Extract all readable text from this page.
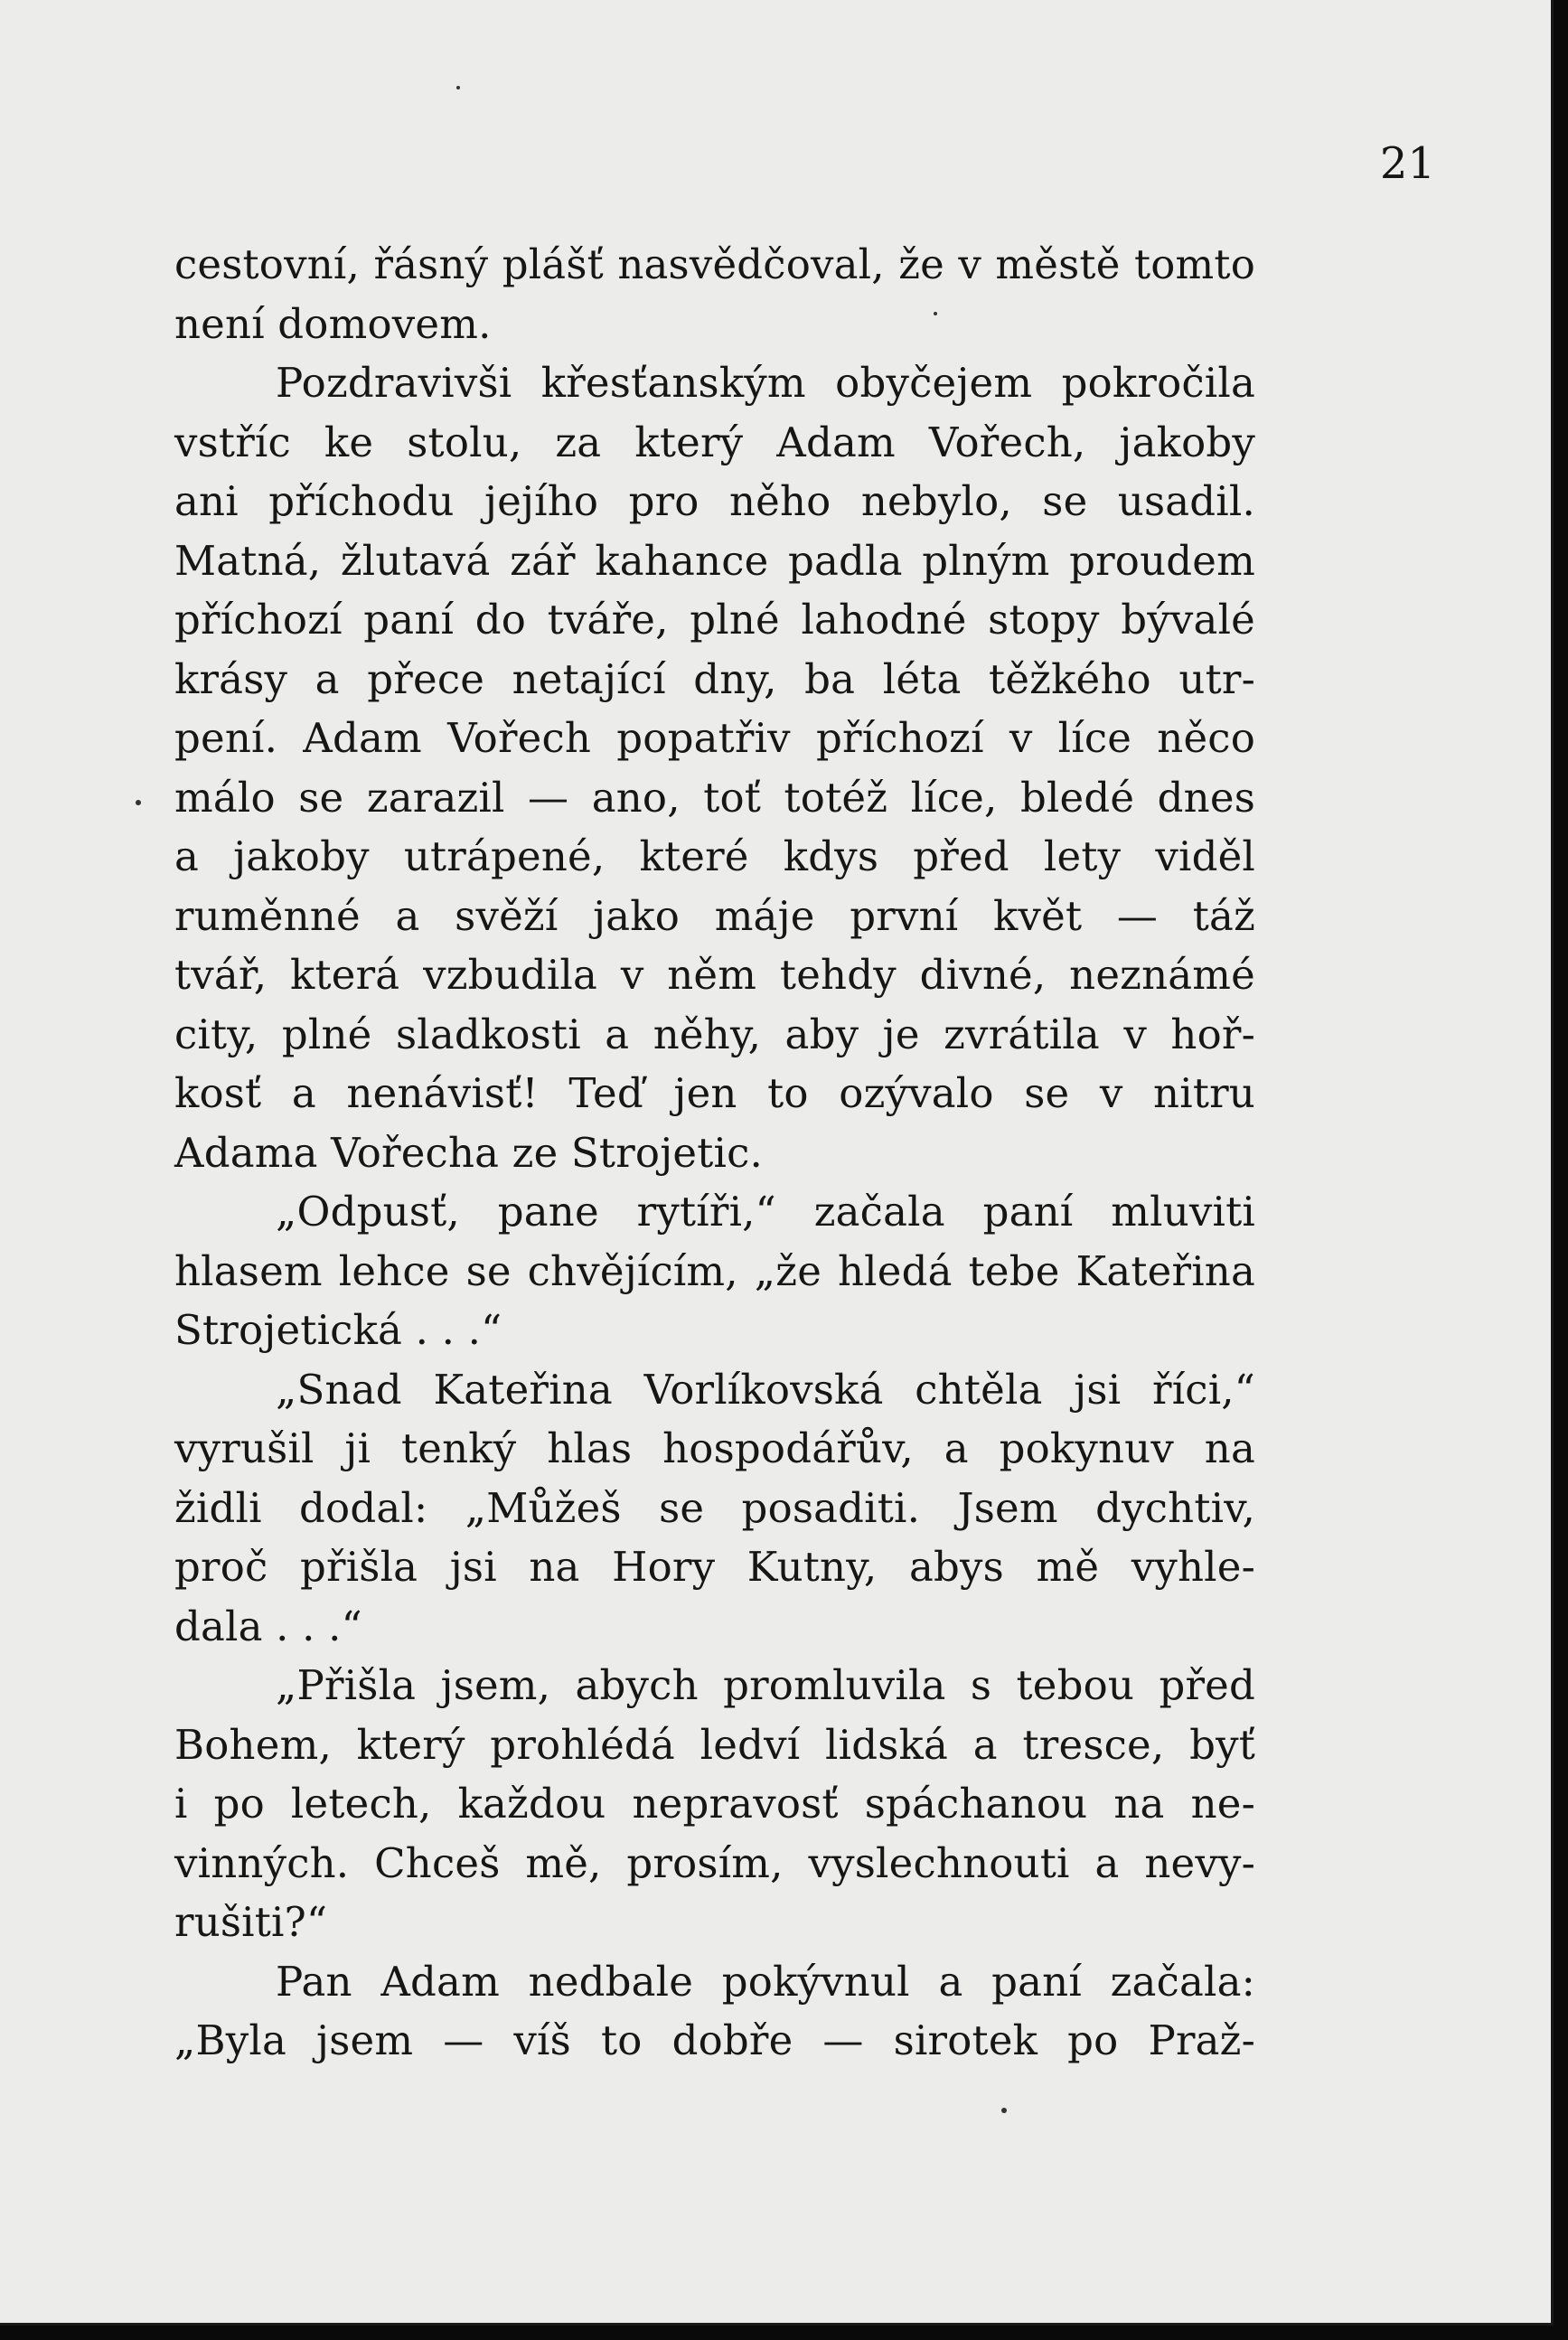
21

cestovní, řásný plášť nasvědčoval, že v městě tomto
není domovem.
Pozdravivši křesťanským obyčejem pokročila
vstříc ke stolu, za který Adam Vořech, jakoby
ani příchodu jejího pro něho nebylo, se usadil.
Matná, žlutavá zář kahance padla plným proudem
příchozí paní do tváře, plné lahodné stopy bývalé
krásy a přece netající dny, ba léta těžkého utr-
pení. Adam Vořech popatřiv příchozí v líce něco
málo se zarazil — ano, toť totéž líce, bledé dnes
a jakoby utrápené, které kdys před lety viděl
ruměnné a svěží jako máje první květ — táž
tvář, která vzbudila v něm tehdy divné, neznámé
city, plné sladkosti a něhy, aby je zvrátila v hoř-
kosť a nenávisť! Teď jen to ozývalo se v nitru
Adama Vořecha ze Strojetic.
„Odpusť, pane rytíři,“ začala paní mluviti
hlasem lehce se chvějícím, „že hledá tebe Kateřina
Strojetická . . .“
„Snad Kateřina Vorlíkovská chtěla jsi říci,“
vyrušil ji tenký hlas hospodářův, a pokynuv na
židli dodal: „Můžeš se posaditi. Jsem dychtiv,
proč přišla jsi na Hory Kutny, abys mě vyhle-
dala . . .“
„Přišla jsem, abych promluvila s tebou před
Bohem, který prohlédá ledví lidská a tresce, byť
i po letech, každou nepravosť spáchanou na ne-
vinných. Chceš mě, prosím, vyslechnouti a nevy-
rušiti?“
Pan Adam nedbale pokývnul a paní začala:
„Byla jsem — víš to dobře — sirotek po Praž-
